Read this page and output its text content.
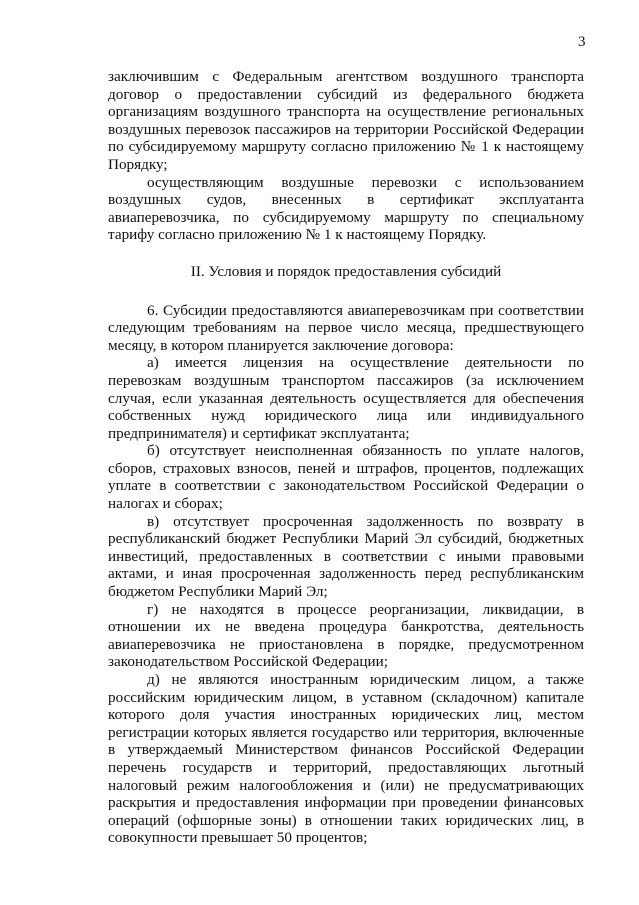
3

заключившим с Федеральным агентством воздушного транспорта договор о предоставлении субсидий из федерального бюджета организациям воздушного транспорта на осуществление региональных воздушных перевозок пассажиров на территории Российской Федерации по субсидируемому маршруту согласно приложению № 1 к настоящему Порядку;

осуществляющим воздушные перевозки с использованием воздушных судов, внесенных в сертификат эксплуатанта авиаперевозчика, по субсидируемому маршруту по специальному тарифу согласно приложению № 1 к настоящему Порядку.

II. Условия и порядок предоставления субсидий

6. Субсидии предоставляются авиаперевозчикам при соответствии следующим требованиям на первое число месяца, предшествующего месяцу, в котором планируется заключение договора:

а) имеется лицензия на осуществление деятельности по перевозкам воздушным транспортом пассажиров (за исключением случая, если указанная деятельность осуществляется для обеспечения собственных нужд юридического лица или индивидуального предпринимателя) и сертификат эксплуатанта;

б) отсутствует неисполненная обязанность по уплате налогов, сборов, страховых взносов, пеней и штрафов, процентов, подлежащих уплате в соответствии с законодательством Российской Федерации о налогах и сборах;

в) отсутствует просроченная задолженность по возврату в республиканский бюджет Республики Марий Эл субсидий, бюджетных инвестиций, предоставленных в соответствии с иными правовыми актами, и иная просроченная задолженность перед республиканским бюджетом Республики Марий Эл;

г) не находятся в процессе реорганизации, ликвидации, в отношении их не введена процедура банкротства, деятельность авиаперевозчика не приостановлена в порядке, предусмотренном законодательством Российской Федерации;

д) не являются иностранным юридическим лицом, а также российским юридическим лицом, в уставном (складочном) капитале которого доля участия иностранных юридических лиц, местом регистрации которых является государство или территория, включенные в утверждаемый Министерством финансов Российской Федерации перечень государств и территорий, предоставляющих льготный налоговый режим налогообложения и (или) не предусматривающих раскрытия и предоставления информации при проведении финансовых операций (офшорные зоны) в отношении таких юридических лиц, в совокупности превышает 50 процентов;
